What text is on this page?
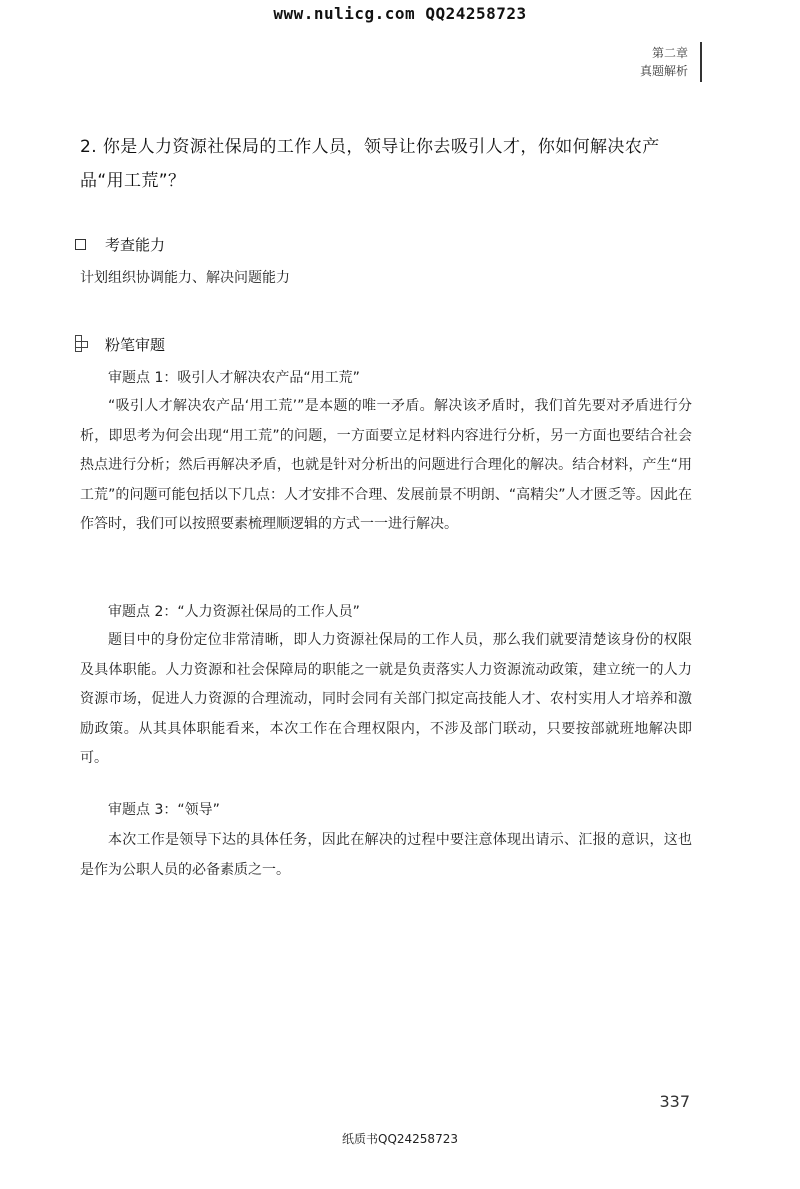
www.nulicg.com QQ24258723
第二章
真题解析
2. 你是人力资源社保局的工作人员，领导让你去吸引人才，你如何解决农产品“用工荒”？
考查能力
计划组织协调能力、解决问题能力
粉笔审题
审题点 1：吸引人才解决农产品“用工荒”
“吸引人才解决农产品‘用工荒’”是本题的唯一矛盾。解决该矛盾时，我们首先要对矛盾进行分析，即思考为何会出现“用工荒”的问题，一方面要立足材料内容进行分析，另一方面也要结合社会热点进行分析；然后再解决矛盾，也就是针对分析出的问题进行合理化的解决。结合材料，产生“用工荒”的问题可能包括以下几点：人才安排不合理、发展前景不明朗、“高精尖”人才匮乏等。因此在作答时，我们可以按照要素梳理顺逻辑的方式一一进行解决。
审题点 2：“人力资源社保局的工作人员”
题目中的身份定位非常清晰，即人力资源社保局的工作人员，那么我们就要清楚该身份的权限及具体职能。人力资源和社会保障局的职能之一就是负责落实人力资源流动政策，建立统一的人力资源市场，促进人力资源的合理流动，同时会同有关部门拟定高技能人才、农村实用人才培养和激励政策。从其具体职能看来，本次工作在合理权限内，不涉及部门联动，只要按部就班地解决即可。
审题点 3：“领导”
本次工作是领导下达的具体任务，因此在解决的过程中要注意体现出请示、汇报的意识，这也是作为公职人员的必备素质之一。
337
纸质书QQ24258723
